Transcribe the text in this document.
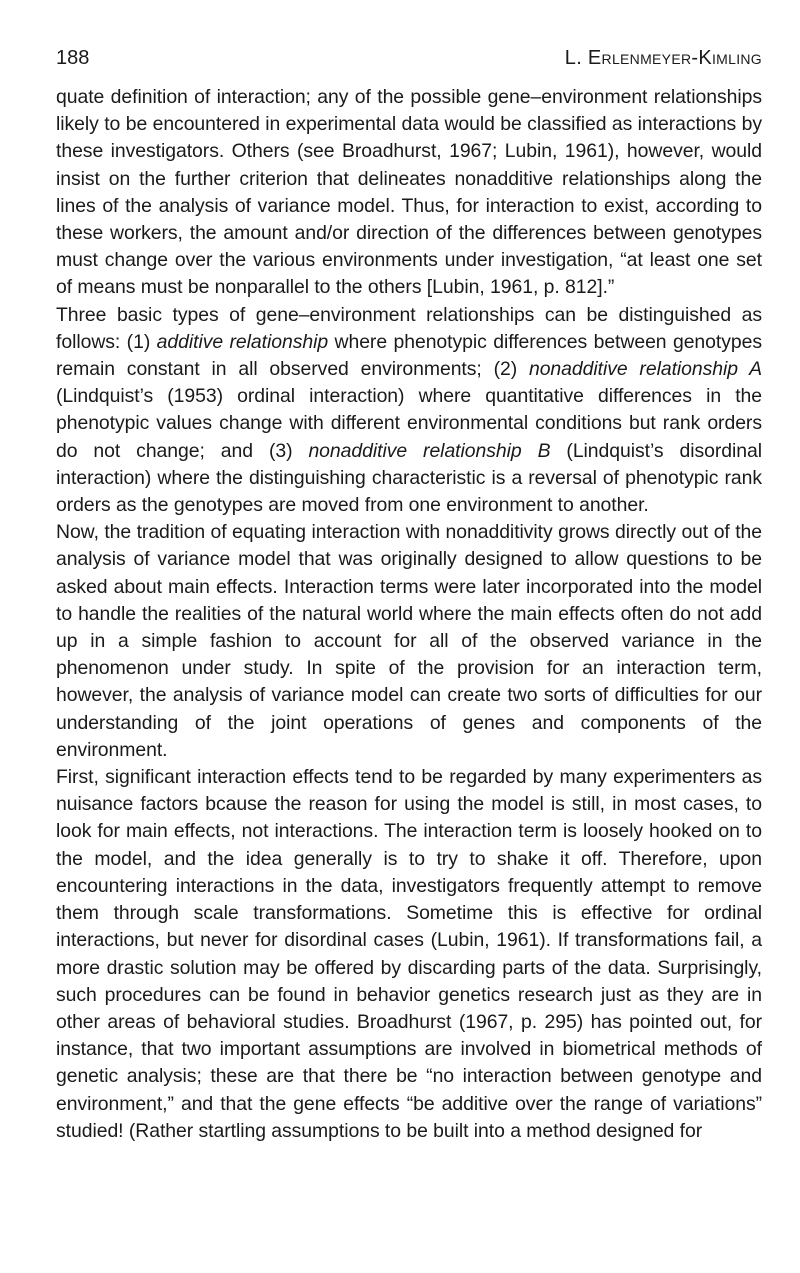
188	L. Erlenmeyer-Kimling

quate definition of interaction; any of the possible gene–environment relationships likely to be encountered in experimental data would be classified as interactions by these investigators. Others (see Broadhurst, 1967; Lubin, 1961), however, would insist on the further criterion that delineates nonadditive relationships along the lines of the analysis of variance model. Thus, for interaction to exist, according to these workers, the amount and/or direction of the differences between genotypes must change over the various environments under investigation, “at least one set of means must be nonparallel to the others [Lubin, 1961, p. 812].”

Three basic types of gene–environment relationships can be distinguished as follows: (1) additive relationship where phenotypic differences between genotypes remain constant in all observed environments; (2) nonadditive relationship A (Lindquist’s (1953) ordinal interaction) where quantitative differences in the phenotypic values change with different environmental conditions but rank orders do not change; and (3) nonadditive relationship B (Lindquist’s disordinal interaction) where the distinguishing characteristic is a reversal of phenotypic rank orders as the genotypes are moved from one environment to another.

Now, the tradition of equating interaction with nonadditivity grows directly out of the analysis of variance model that was originally designed to allow questions to be asked about main effects. Interaction terms were later incorporated into the model to handle the realities of the natural world where the main effects often do not add up in a simple fashion to account for all of the observed variance in the phenomenon under study. In spite of the provision for an interaction term, however, the analysis of variance model can create two sorts of difficulties for our understanding of the joint operations of genes and components of the environment.

First, significant interaction effects tend to be regarded by many experimenters as nuisance factors bcause the reason for using the model is still, in most cases, to look for main effects, not interactions. The interaction term is loosely hooked on to the model, and the idea generally is to try to shake it off. Therefore, upon encountering interactions in the data, investigators frequently attempt to remove them through scale transformations. Sometime this is effective for ordinal interactions, but never for disordinal cases (Lubin, 1961). If transformations fail, a more drastic solution may be offered by discarding parts of the data. Surprisingly, such procedures can be found in behavior genetics research just as they are in other areas of behavioral studies. Broadhurst (1967, p. 295) has pointed out, for instance, that two important assumptions are involved in biometrical methods of genetic analysis; these are that there be “no interaction between genotype and environment,” and that the gene effects “be additive over the range of variations” studied! (Rather startling assumptions to be built into a method designed for
